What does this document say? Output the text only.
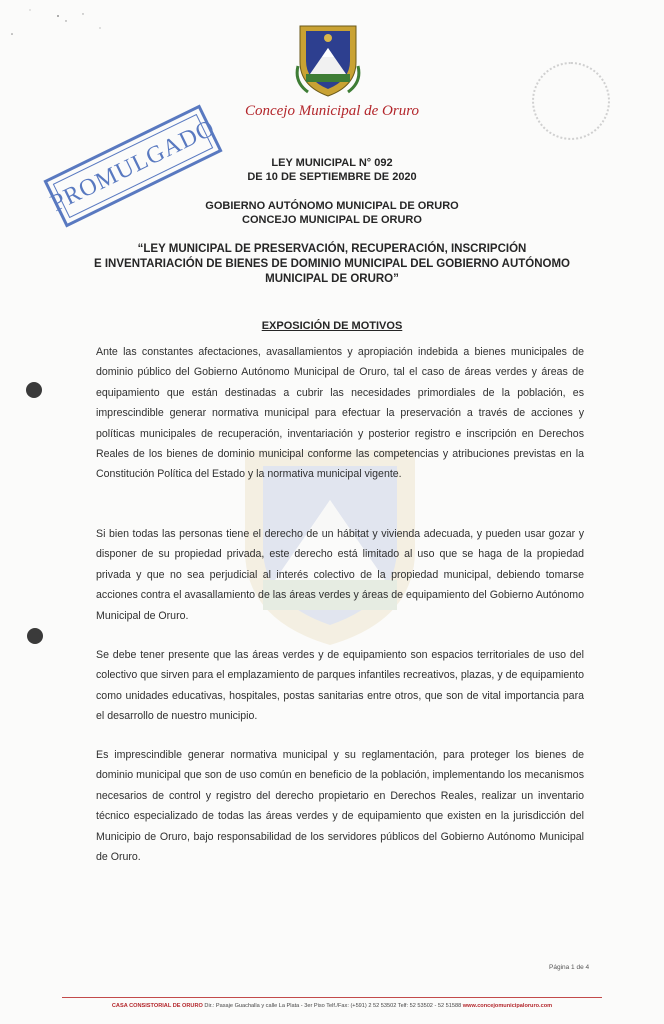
Concejo Municipal de Oruro
PROMULGADO	LEY MUNICIPAL N° 092
DE 10 DE SEPTIEMBRE DE 2020
GOBIERNO AUTÓNOMO MUNICIPAL DE ORURO
CONCEJO MUNICIPAL DE ORURO
“LEY MUNICIPAL DE PRESERVACIÓN, RECUPERACIÓN, INSCRIPCIÓN
E INVENTARIACIÓN DE BIENES DE DOMINIO MUNICIPAL DEL GOBIERNO AUTÓNOMO
MUNICIPAL DE ORURO”
EXPOSICIÓN DE MOTIVOS

Ante las constantes afectaciones, avasallamientos y apropiación indebida a bienes municipales de dominio público del Gobierno Autónomo Municipal de Oruro, tal el caso de áreas verdes y áreas de equipamiento que están destinadas a cubrir las necesidades primordiales de la población, es imprescindible generar normativa municipal para efectuar la preservación a través de acciones y políticas municipales de recuperación, inventariación y posterior registro e inscripción en Derechos Reales de los bienes de dominio municipal conforme las competencias y atribuciones previstas en la Constitución Política del Estado y la normativa municipal vigente.

Si bien todas las personas tiene el derecho de un hábitat y vivienda adecuada, y pueden usar gozar y disponer de su propiedad privada, este derecho está limitado al uso que se haga de la propiedad privada y que no sea perjudicial al interés colectivo de la propiedad municipal, debiendo tomarse acciones contra el avasallamiento de las áreas verdes y áreas de equipamiento del Gobierno Autónomo Municipal de Oruro.

Se debe tener presente que las áreas verdes y de equipamiento son espacios territoriales de uso del colectivo que sirven para el emplazamiento de parques infantiles recreativos, plazas, y de equipamiento como unidades educativas, hospitales, postas sanitarias entre otros, que son de vital importancia para el desarrollo de nuestro municipio.

Es imprescindible generar normativa municipal y su reglamentación, para proteger los bienes de dominio municipal que son de uso común en beneficio de la población, implementando los mecanismos necesarios de control y registro del derecho propietario en Derechos Reales, realizar un inventario técnico especializado de todas las áreas verdes y de equipamiento que existen en la jurisdicción del Municipio de Oruro, bajo responsabilidad de los servidores públicos del Gobierno Autónomo Municipal de Oruro.

Página 1 de 4
CASA CONSISTORIAL DE ORURO Dir.: Pasaje Guachalla y calle La Plata - 3er Piso Telf./Fax: (+591) 2 52 53502 Telf: 52 53502 - 52 51588 www.concejomunicipaloruro.com
